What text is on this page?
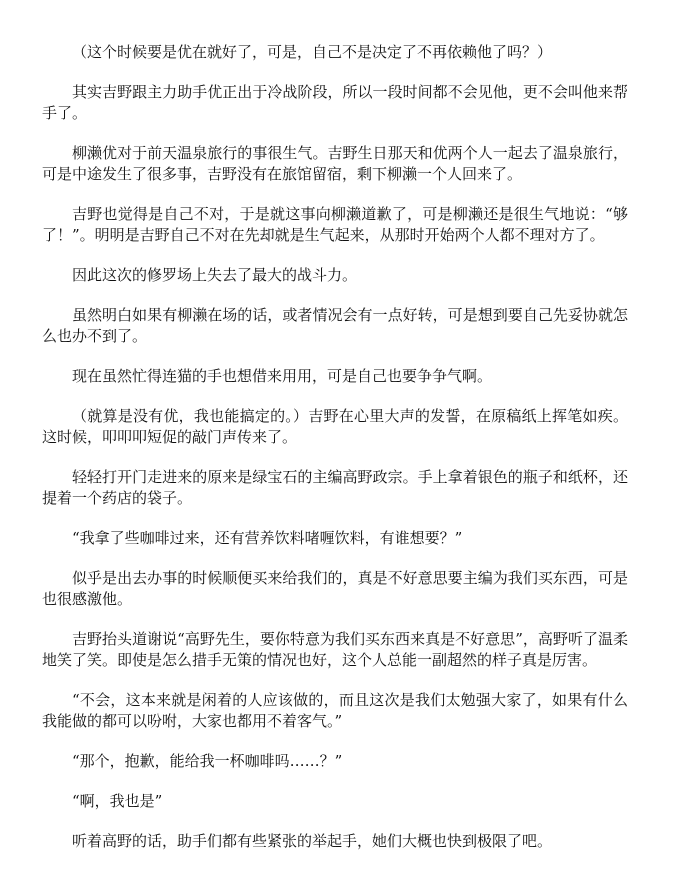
（这个时候要是优在就好了，可是，自己不是决定了不再依赖他了吗？）

其实吉野跟主力助手优正出于冷战阶段，所以一段时间都不会见他，更不会叫他来帮手了。

柳濑优对于前天温泉旅行的事很生气。吉野生日那天和优两个人一起去了温泉旅行，可是中途发生了很多事，吉野没有在旅馆留宿，剩下柳濑一个人回来了。

吉野也觉得是自己不对，于是就这事向柳濑道歉了，可是柳濑还是很生气地说：“够了！”。明明是吉野自己不对在先却就是生气起来，从那时开始两个人都不理对方了。

因此这次的修罗场上失去了最大的战斗力。

虽然明白如果有柳濑在场的话，或者情况会有一点好转，可是想到要自己先妥协就怎么也办不到了。

现在虽然忙得连猫的手也想借来用用，可是自己也要争争气啊。

（就算是没有优，我也能搞定的。）吉野在心里大声的发誓，在原稿纸上挥笔如疾。这时候，叩叩叩短促的敲门声传来了。

轻轻打开门走进来的原来是绿宝石的主编高野政宗。手上拿着银色的瓶子和纸杯，还提着一个药店的袋子。

“我拿了些咖啡过来，还有营养饮料啫喱饮料，有谁想要？”

似乎是出去办事的时候顺便买来给我们的，真是不好意思要主编为我们买东西，可是也很感激他。

吉野抬头道谢说“高野先生，要你特意为我们买东西来真是不好意思”，高野听了温柔地笑了笑。即使是怎么措手无策的情况也好，这个人总能一副超然的样子真是厉害。

“不会，这本来就是闲着的人应该做的，而且这次是我们太勉强大家了，如果有什么我能做的都可以吩咐，大家也都用不着客气。”

“那个，抱歉，能给我一杯咖啡吗……？”

“啊，我也是”

听着高野的话，助手们都有些紧张的举起手，她们大概也快到极限了吧。
